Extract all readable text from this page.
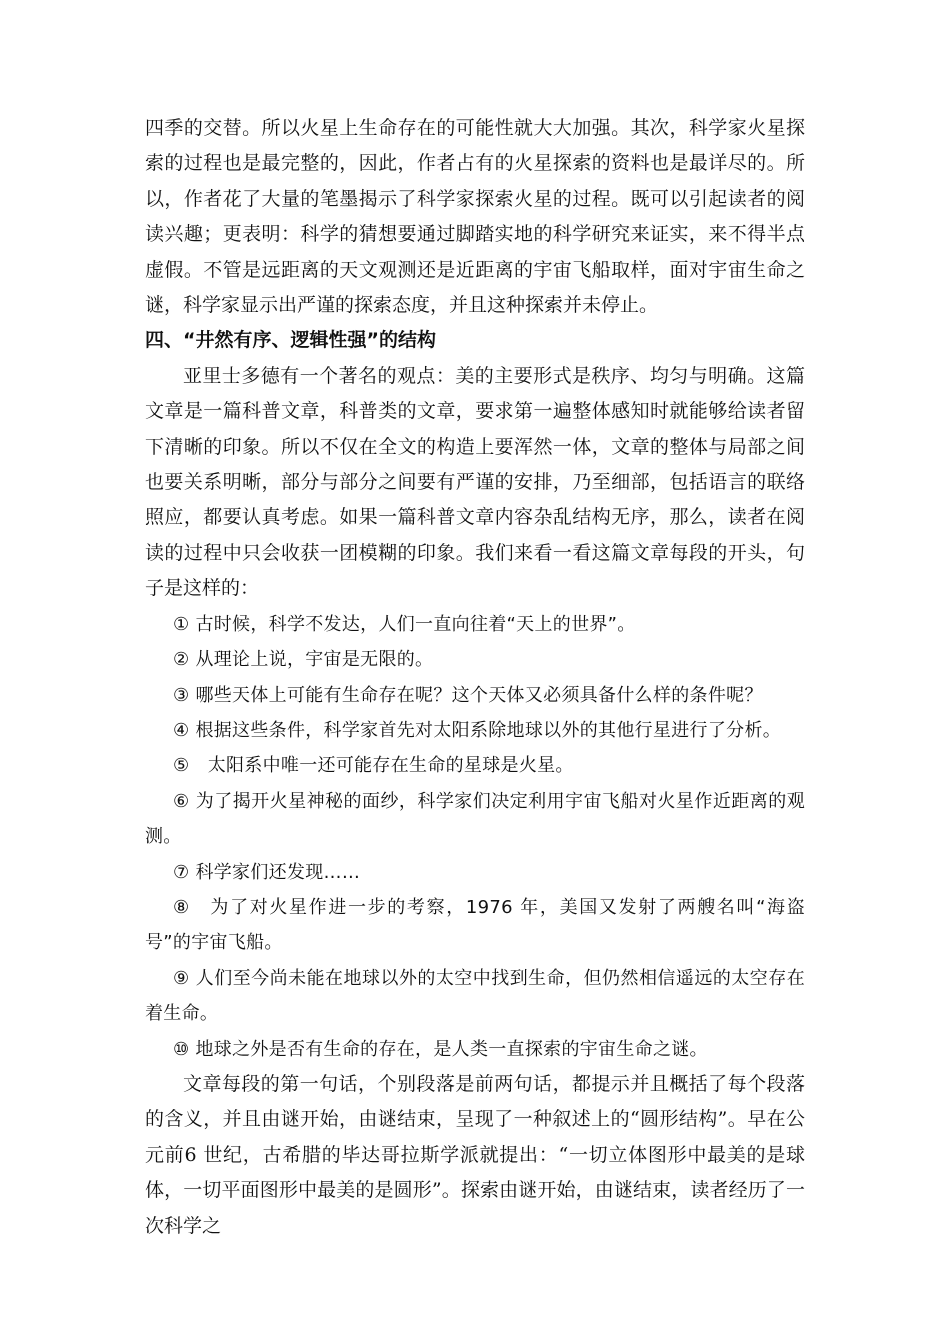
四季的交替。所以火星上生命存在的可能性就大大加强。其次，科学家火星探索的过程也是最完整的，因此，作者占有的火星探索的资料也是最详尽的。所以，作者花了大量的笔墨揭示了科学家探索火星的过程。既可以引起读者的阅读兴趣；更表明：科学的猜想要通过脚踏实地的科学研究来证实，来不得半点虚假。不管是远距离的天文观测还是近距离的宇宙飞船取样，面对宇宙生命之谜，科学家显示出严谨的探索态度，并且这种探索并未停止。

四、“井然有序、逻辑性强”的结构

亚里士多德有一个著名的观点：美的主要形式是秩序、均匀与明确。这篇文章是一篇科普文章，科普类的文章，要求第一遍整体感知时就能够给读者留下清晰的印象。所以不仅在全文的构造上要浑然一体，文章的整体与局部之间也要关系明晰，部分与部分之间要有严谨的安排，乃至细部，包括语言的联络照应，都要认真考虑。如果一篇科普文章内容杂乱结构无序，那么，读者在阅读的过程中只会收获一团模糊的印象。我们来看一看这篇文章每段的开头，句子是这样的：

① 古时候，科学不发达，人们一直向往着“天上的世界”。

② 从理论上说，宇宙是无限的。

③ 哪些天体上可能有生命存在呢？这个天体又必须具备什么样的条件呢？

④ 根据这些条件，科学家首先对太阳系除地球以外的其他行星进行了分析。

⑤　太阳系中唯一还可能存在生命的星球是火星。

⑥ 为了揭开火星神秘的面纱，科学家们决定利用宇宙飞船对火星作近距离的观测。

⑦ 科学家们还发现……

⑧　为了对火星作进一步的考察，1976 年，美国又发射了两艘名叫“海盗号”的宇宙飞船。

⑨ 人们至今尚未能在地球以外的太空中找到生命，但仍然相信遥远的太空存在着生命。

⑩ 地球之外是否有生命的存在，是人类一直探索的宇宙生命之谜。

文章每段的第一句话，个别段落是前两句话，都提示并且概括了每个段落的含义，并且由谜开始，由谜结束，呈现了一种叙述上的“圆形结构”。早在公元前6 世纪，古希腊的毕达哥拉斯学派就提出：“一切立体图形中最美的是球体，一切平面图形中最美的是圆形”。探索由谜开始，由谜结束，读者经历了一次科学之
